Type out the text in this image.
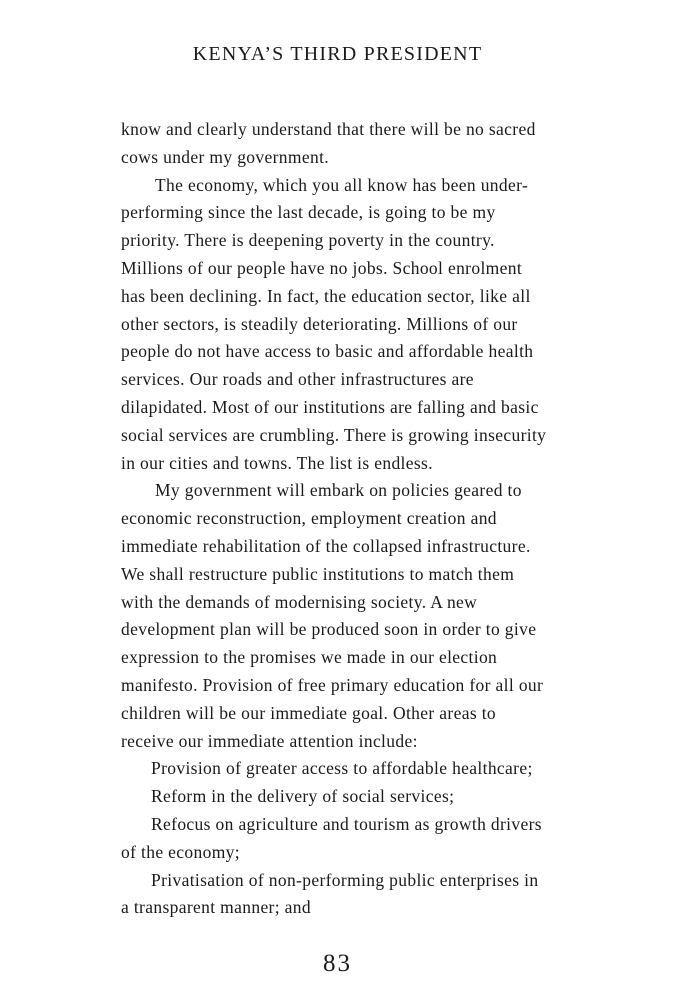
KENYA’S THIRD PRESIDENT
know and clearly understand that there will be no sacred
cows under my government.
The economy, which you all know has been under-
performing since the last decade, is going to be my
priority. There is deepening poverty in the country.
Millions of our people have no jobs. School enrolment
has been declining. In fact, the education sector, like all
other sectors, is steadily deteriorating. Millions of our
people do not have access to basic and affordable health
services. Our roads and other infrastructures are
dilapidated. Most of our institutions are falling and basic
social services are crumbling. There is growing insecurity
in our cities and towns. The list is endless.
My government will embark on policies geared to
economic reconstruction, employment creation and
immediate rehabilitation of the collapsed infrastructure.
We shall restructure public institutions to match them
with the demands of modernising society. A new
development plan will be produced soon in order to give
expression to the promises we made in our election
manifesto. Provision of free primary education for all our
children will be our immediate goal. Other areas to
receive our immediate attention include:
Provision of greater access to affordable healthcare;
Reform in the delivery of social services;
Refocus on agriculture and tourism as growth drivers
of the economy;
Privatisation of non-performing public enterprises in
a transparent manner; and
83
